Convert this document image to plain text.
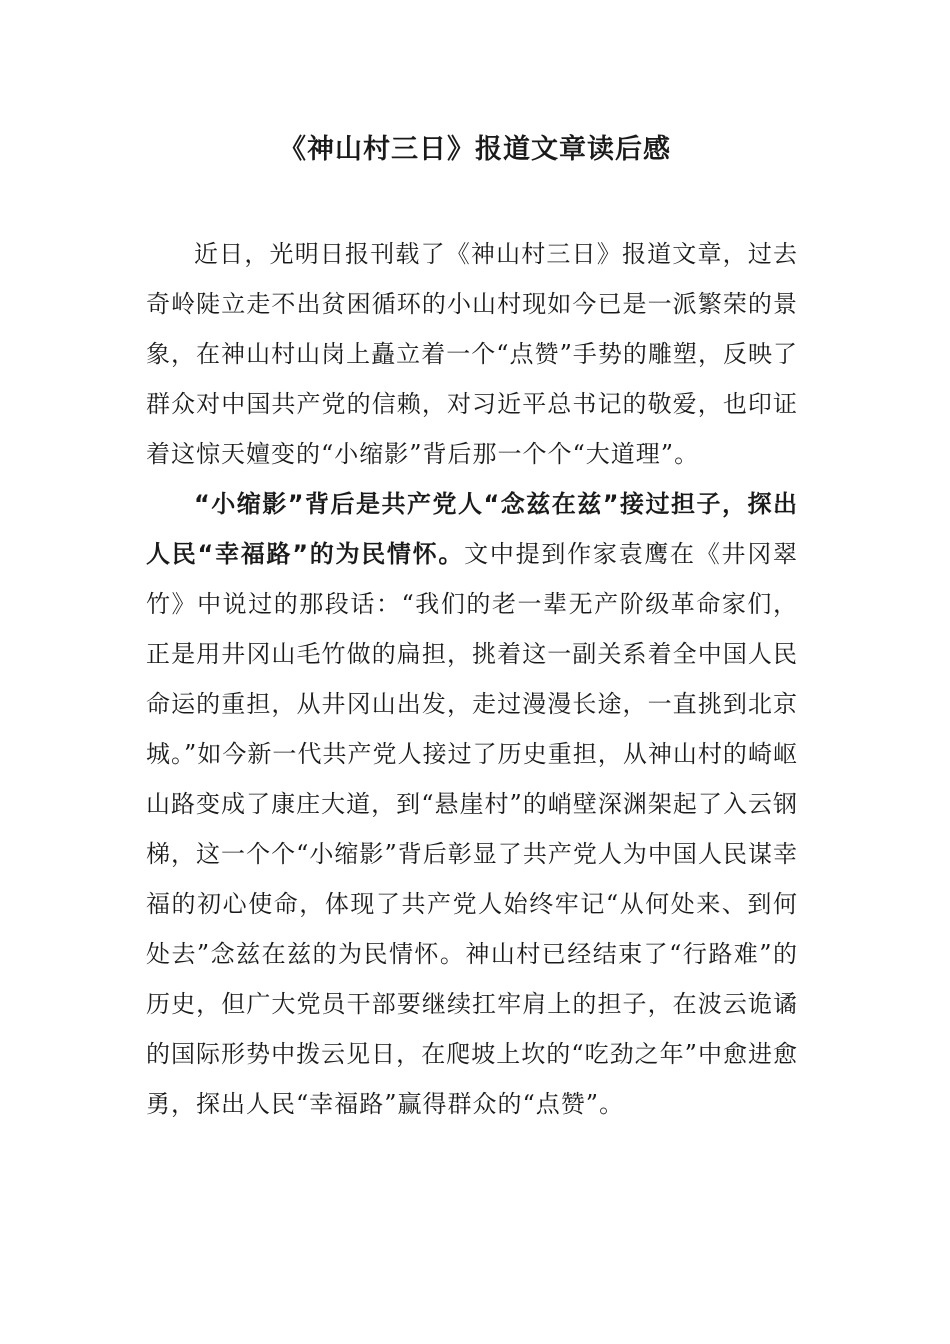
《神山村三日》报道文章读后感

近日，光明日报刊载了《神山村三日》报道文章，过去奇岭陡立走不出贫困循环的小山村现如今已是一派繁荣的景象，在神山村山岗上矗立着一个“点赞”手势的雕塑，反映了群众对中国共产党的信赖，对习近平总书记的敬爱，也印证着这惊天嬗变的“小缩影”背后那一个个“大道理”。

“小缩影”背后是共产党人“念兹在兹”接过担子，探出人民“幸福路”的为民情怀。文中提到作家袁鹰在《井冈翠竹》中说过的那段话：“我们的老一辈无产阶级革命家们，正是用井冈山毛竹做的扁担，挑着这一副关系着全中国人民命运的重担，从井冈山出发，走过漫漫长途，一直挑到北京城。”如今新一代共产党人接过了历史重担，从神山村的崎岖山路变成了康庄大道，到“悬崖村”的峭壁深渊架起了入云钢梯，这一个个“小缩影”背后彰显了共产党人为中国人民谋幸福的初心使命，体现了共产党人始终牢记“从何处来、到何处去”念兹在兹的为民情怀。神山村已经结束了“行路难”的历史，但广大党员干部要继续扛牢肩上的担子，在波云诡谲的国际形势中拨云见日，在爬坡上坎的“吃劲之年”中愈进愈勇，探出人民“幸福路”赢得群众的“点赞”。
